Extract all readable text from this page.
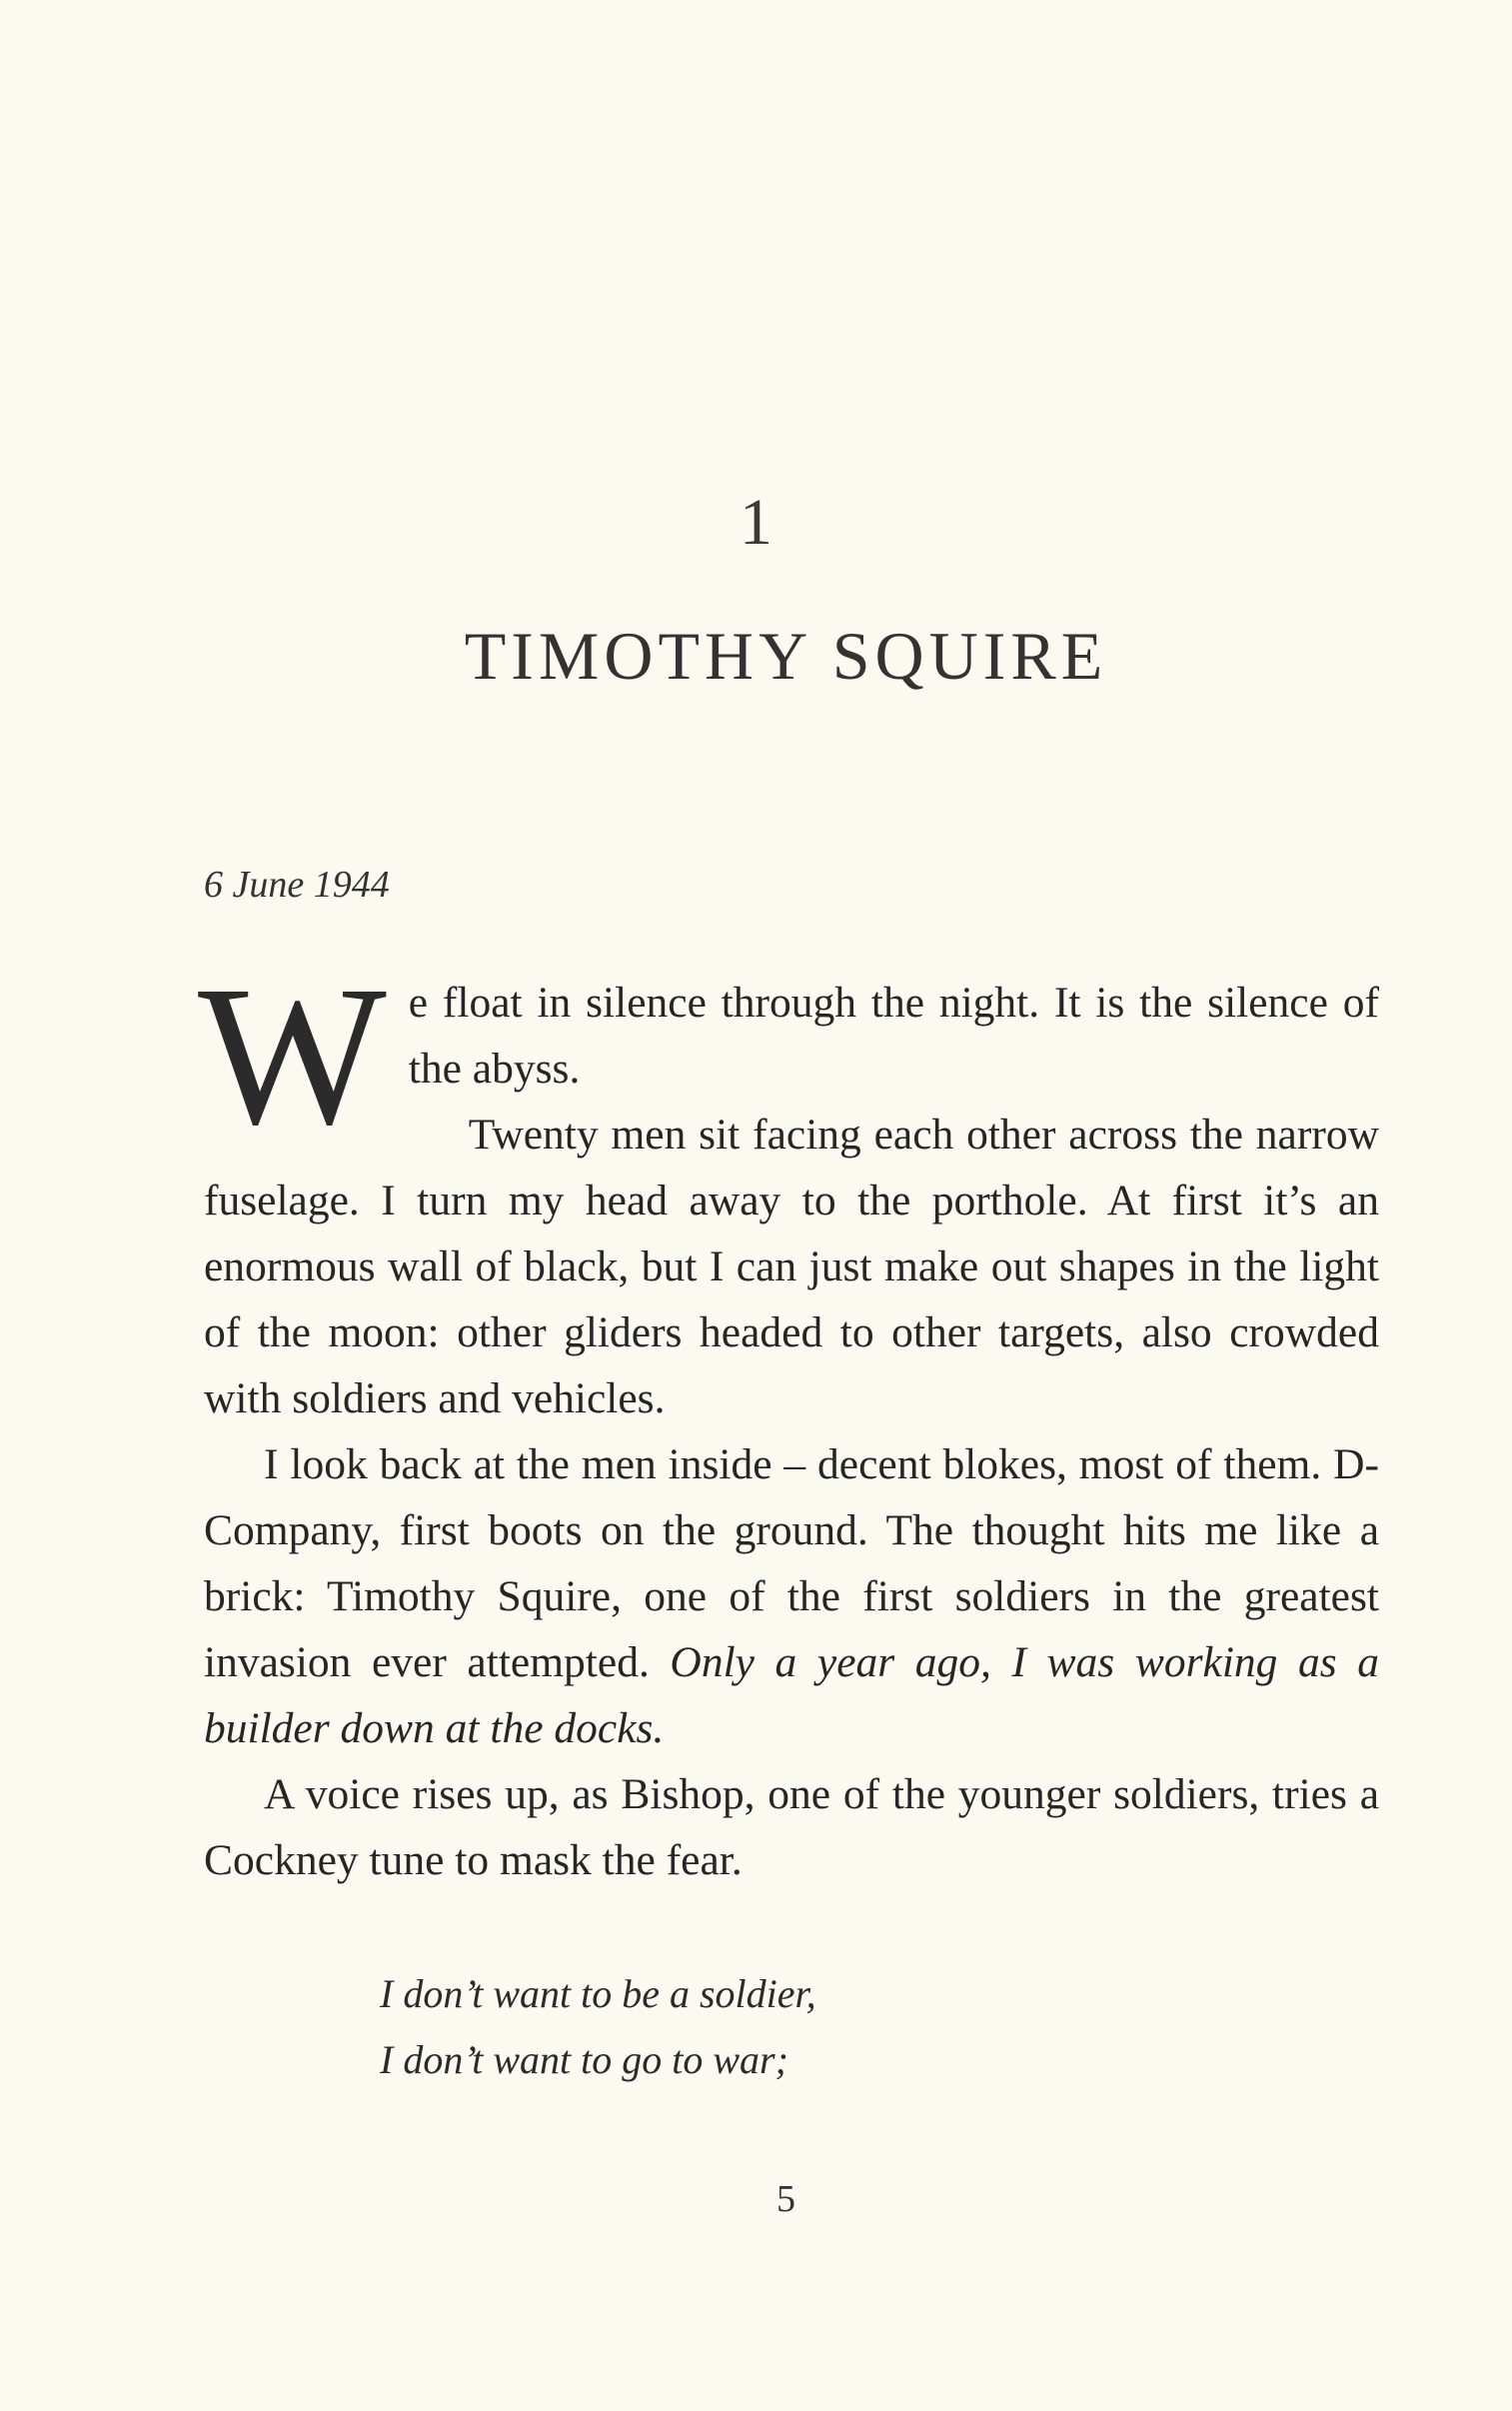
1
TIMOTHY SQUIRE
6 June 1944

We float in silence through the night. It is the silence of the abyss.

Twenty men sit facing each other across the narrow fuselage. I turn my head away to the porthole. At first it’s an enormous wall of black, but I can just make out shapes in the light of the moon: other gliders headed to other targets, also crowded with soldiers and vehicles.

I look back at the men inside – decent blokes, most of them. D-Company, first boots on the ground. The thought hits me like a brick: Timothy Squire, one of the first soldiers in the greatest invasion ever attempted. Only a year ago, I was working as a builder down at the docks.

A voice rises up, as Bishop, one of the younger soldiers, tries a Cockney tune to mask the fear.

I don’t want to be a soldier,
I don’t want to go to war;
5
